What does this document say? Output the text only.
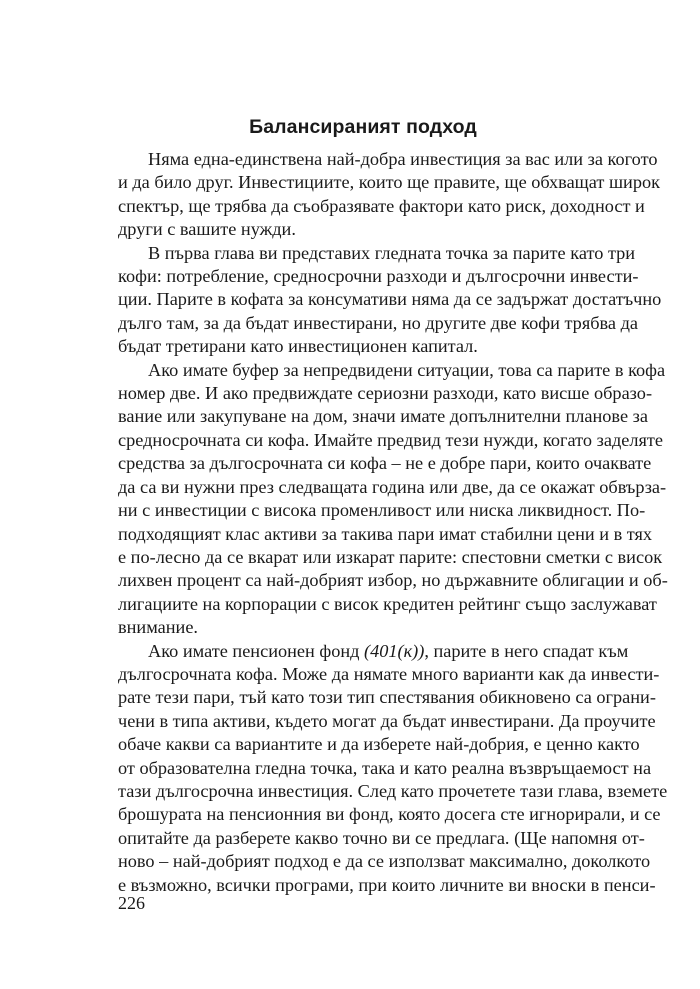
Балансираният подход
Няма една-единствена най-добра инвестиция за вас или за когото
и да било друг. Инвестициите, които ще правите, ще обхващат широк
спектър, ще трябва да съобразявате фактори като риск, доходност и
други с вашите нужди.
В първа глава ви представих гледната точка за парите като три
кофи: потребление, средносрочни разходи и дългосрочни инвести-
ции. Парите в кофата за консумативи няма да се задържат достатъчно
дълго там, за да бъдат инвестирани, но другите две кофи трябва да
бъдат третирани като инвестиционен капитал.
Ако имате буфер за непредвидени ситуации, това са парите в кофа
номер две. И ако предвиждате сериозни разходи, като висше образо-
вание или закупуване на дом, значи имате допълнителни планове за
средносрочната си кофа. Имайте предвид тези нужди, когато заделяте
средства за дългосрочната си кофа – не е добре пари, които очаквате
да са ви нужни през следващата година или две, да се окажат обвърза-
ни с инвестиции с висока променливост или ниска ликвидност. По-
подходящият клас активи за такива пари имат стабилни цени и в тях
е по-лесно да се вкарат или изкарат парите: спестовни сметки с висок
лихвен процент са най-добрият избор, но държавните облигации и об-
лигациите на корпорации с висок кредитен рейтинг също заслужават
внимание.
Ако имате пенсионен фонд (401(к)), парите в него спадат към
дългосрочната кофа. Може да нямате много варианти как да инвести-
рате тези пари, тъй като този тип спестявания обикновено са ограни-
чени в типа активи, където могат да бъдат инвестирани. Да проучите
обаче какви са вариантите и да изберете най-добрия, е ценно както
от образователна гледна точка, така и като реална възвръщаемост на
тази дългосрочна инвестиция. След като прочетете тази глава, вземете
брошурата на пенсионния ви фонд, която досега сте игнорирали, и се
опитайте да разберете какво точно ви се предлага. (Ще напомня от-
ново – най-добрият подход е да се използват максимално, доколкото
е възможно, всички програми, при които личните ви вноски в пенси-
226
